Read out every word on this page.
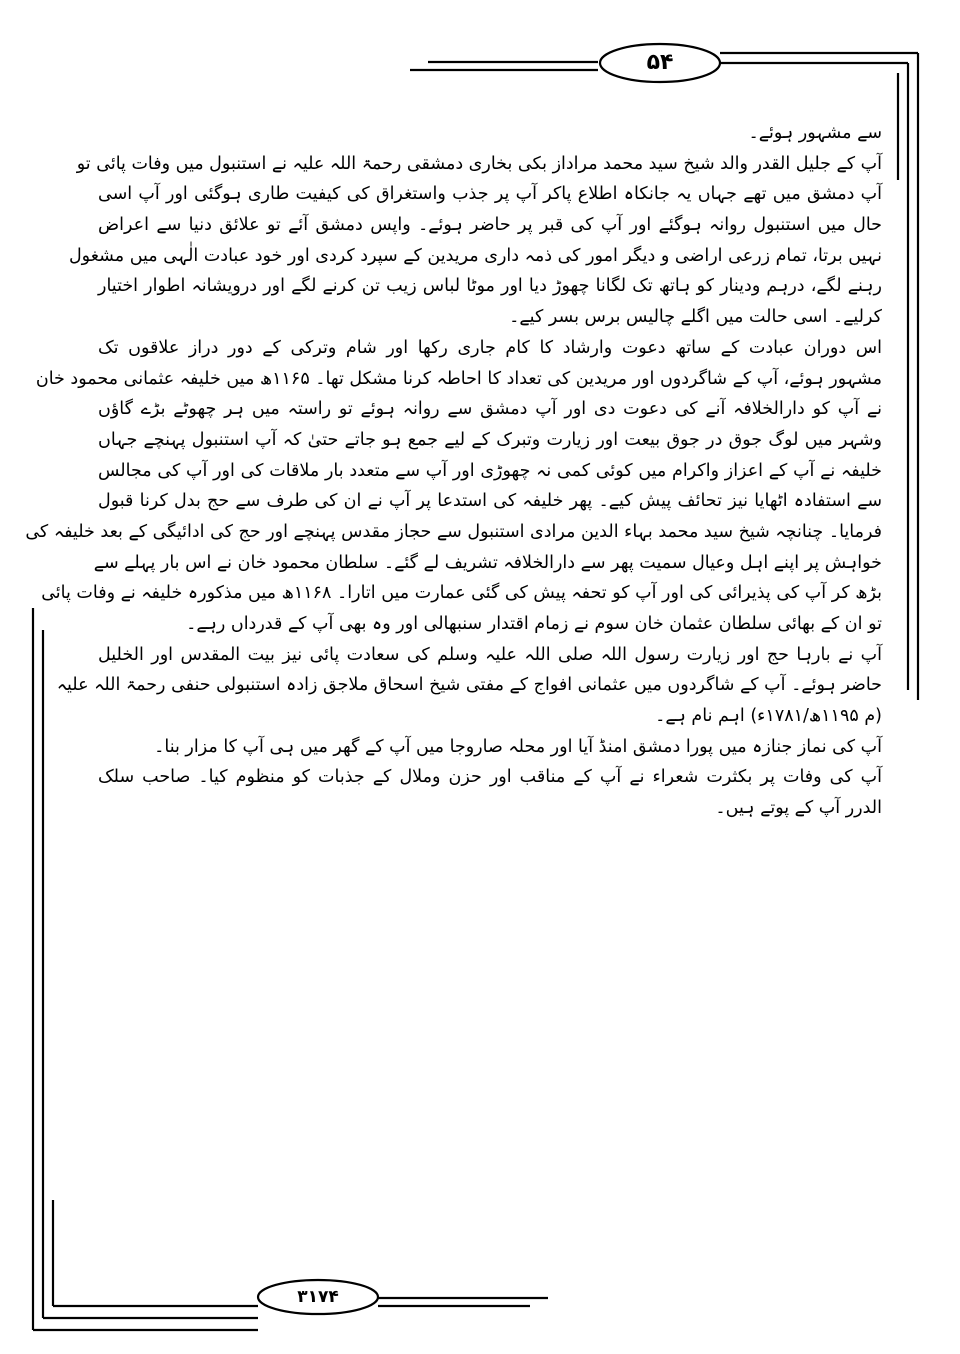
۵۴
۳۱۷۴
سے مشہور ہوئے۔
آپ کے جلیل القدر والد شیخ سید محمد مراداز بکی بخاری دمشقی رحمۃ اللہ علیہ نے استنبول میں وفات پائی تو
آپ دمشق میں تھے جہاں یہ جانکاہ اطلاع پاکر آپ پر جذب واستغراق کی کیفیت طاری ہوگئی اور آپ اسی
حال میں استنبول روانہ ہوگئے اور آپ کی قبر پر حاضر ہوئے۔ واپس دمشق آئے تو علائق دنیا سے اعراض
نہیں برتا، تمام زرعی اراضی و دیگر امور کی ذمہ داری مریدین کے سپرد کردی اور خود عبادت الٰہی میں مشغول
رہنے لگے، درہم ودینار کو ہاتھ تک لگانا چھوڑ دیا اور موٹا لباس زیب تن کرنے لگے اور درویشانہ اطوار اختیار
کرلیے۔ اسی حالت میں اگلے چالیس برس بسر کیے۔
اس دوران عبادت کے ساتھ دعوت وارشاد کا کام جاری رکھا اور شام وترکی کے دور دراز علاقوں تک
مشہور ہوئے، آپ کے شاگردوں اور مریدین کی تعداد کا احاطہ کرنا مشکل تھا۔ ۱۱۶۵ھ میں خلیفہ عثمانی محمود خان
نے آپ کو دارالخلافہ آنے کی دعوت دی اور آپ دمشق سے روانہ ہوئے تو راستہ میں ہر چھوٹے بڑے گاؤں
وشہر میں لوگ جوق در جوق بیعت اور زیارت وتبرک کے لیے جمع ہو جاتے حتیٰ کہ آپ استنبول پہنچے جہاں
خلیفہ نے آپ کے اعزاز واکرام میں کوئی کمی نہ چھوڑی اور آپ سے متعدد بار ملاقات کی اور آپ کی مجالس
سے استفادہ اٹھایا نیز تحائف پیش کیے۔ پھر خلیفہ کی استدعا پر آپ نے ان کی طرف سے حج بدل کرنا قبول
فرمایا۔ چنانچہ شیخ سید محمد بہاء الدین مرادی استنبول سے حجاز مقدس پہنچے اور حج کی ادائیگی کے بعد خلیفہ کی
خواہش پر اپنے اہل وعیال سمیت پھر سے دارالخلافہ تشریف لے گئے۔ سلطان محمود خان نے اس بار پہلے سے
بڑھ کر آپ کی پذیرائی کی اور آپ کو تحفہ پیش کی گئی عمارت میں اتارا۔ ۱۱۶۸ھ میں مذکورہ خلیفہ نے وفات پائی
تو ان کے بھائی سلطان عثمان خان سوم نے زمام اقتدار سنبھالی اور وہ بھی آپ کے قدرداں رہے۔
آپ نے بارہا حج اور زیارت رسول اللہ صلی اللہ علیہ وسلم کی سعادت پائی نیز بیت المقدس اور الخلیل
حاضر ہوئے۔ آپ کے شاگردوں میں عثمانی افواج کے مفتی شیخ اسحاق ملاجق زادہ استنبولی حنفی رحمۃ اللہ علیہ
(م ۱۱۹۵ھ/۱۷۸۱ء) اہم نام ہے۔
آپ کی نماز جنازہ میں پورا دمشق امنڈ آیا اور محلہ صاروجا میں آپ کے گھر میں ہی آپ کا مزار بنا۔
آپ کی وفات پر بکثرت شعراء نے آپ کے مناقب اور حزن وملال کے جذبات کو منظوم کیا۔ صاحب سلک
الدرر آپ کے پوتے ہیں۔
